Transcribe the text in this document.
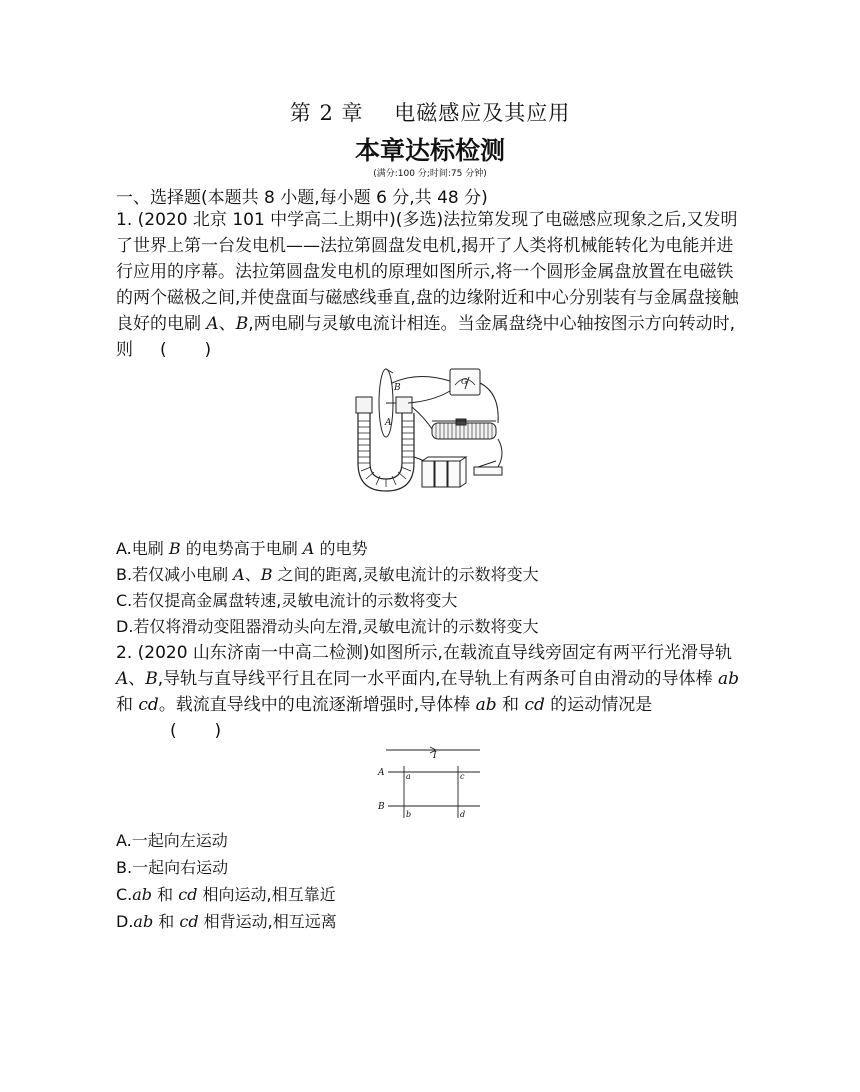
第 2 章    电磁感应及其应用
本章达标检测
(满分:100 分;时间:75 分钟)
一、选择题(本题共 8 小题,每小题 6 分,共 48 分)
1. (2020 北京 101 中学高二上期中)(多选)法拉第发现了电磁感应现象之后,又发明了世界上第一台发电机——法拉第圆盘发电机,揭开了人类将机械能转化为电能并进行应用的序幕。法拉第圆盘发电机的原理如图所示,将一个圆形金属盘放置在电磁铁的两个磁极之间,并使盘面与磁感线垂直,盘的边缘附近和中心分别装有与金属盘接触良好的电刷 A、B,两电刷与灵敏电流计相连。当金属盘绕中心轴按图示方向转动时,则     (       )
B
A
G
A.电刷 B 的电势高于电刷 A 的电势
B.若仅减小电刷 A、B 之间的距离,灵敏电流计的示数将变大
C.若仅提高金属盘转速,灵敏电流计的示数将变大
D.若仅将滑动变阻器滑动头向左滑,灵敏电流计的示数将变大
2. (2020 山东济南一中高二检测)如图所示,在载流直导线旁固定有两平行光滑导轨 A、B,导轨与直导线平行且在同一水平面内,在导轨上有两条可自由滑动的导体棒 ab 和 cd。载流直导线中的电流逐渐增强时,导体棒 ab 和 cd 的运动情况是
(       )
I
A
B
a
b
c
d
A.一起向左运动
B.一起向右运动
C.ab 和 cd 相向运动,相互靠近
D.ab 和 cd 相背运动,相互远离
